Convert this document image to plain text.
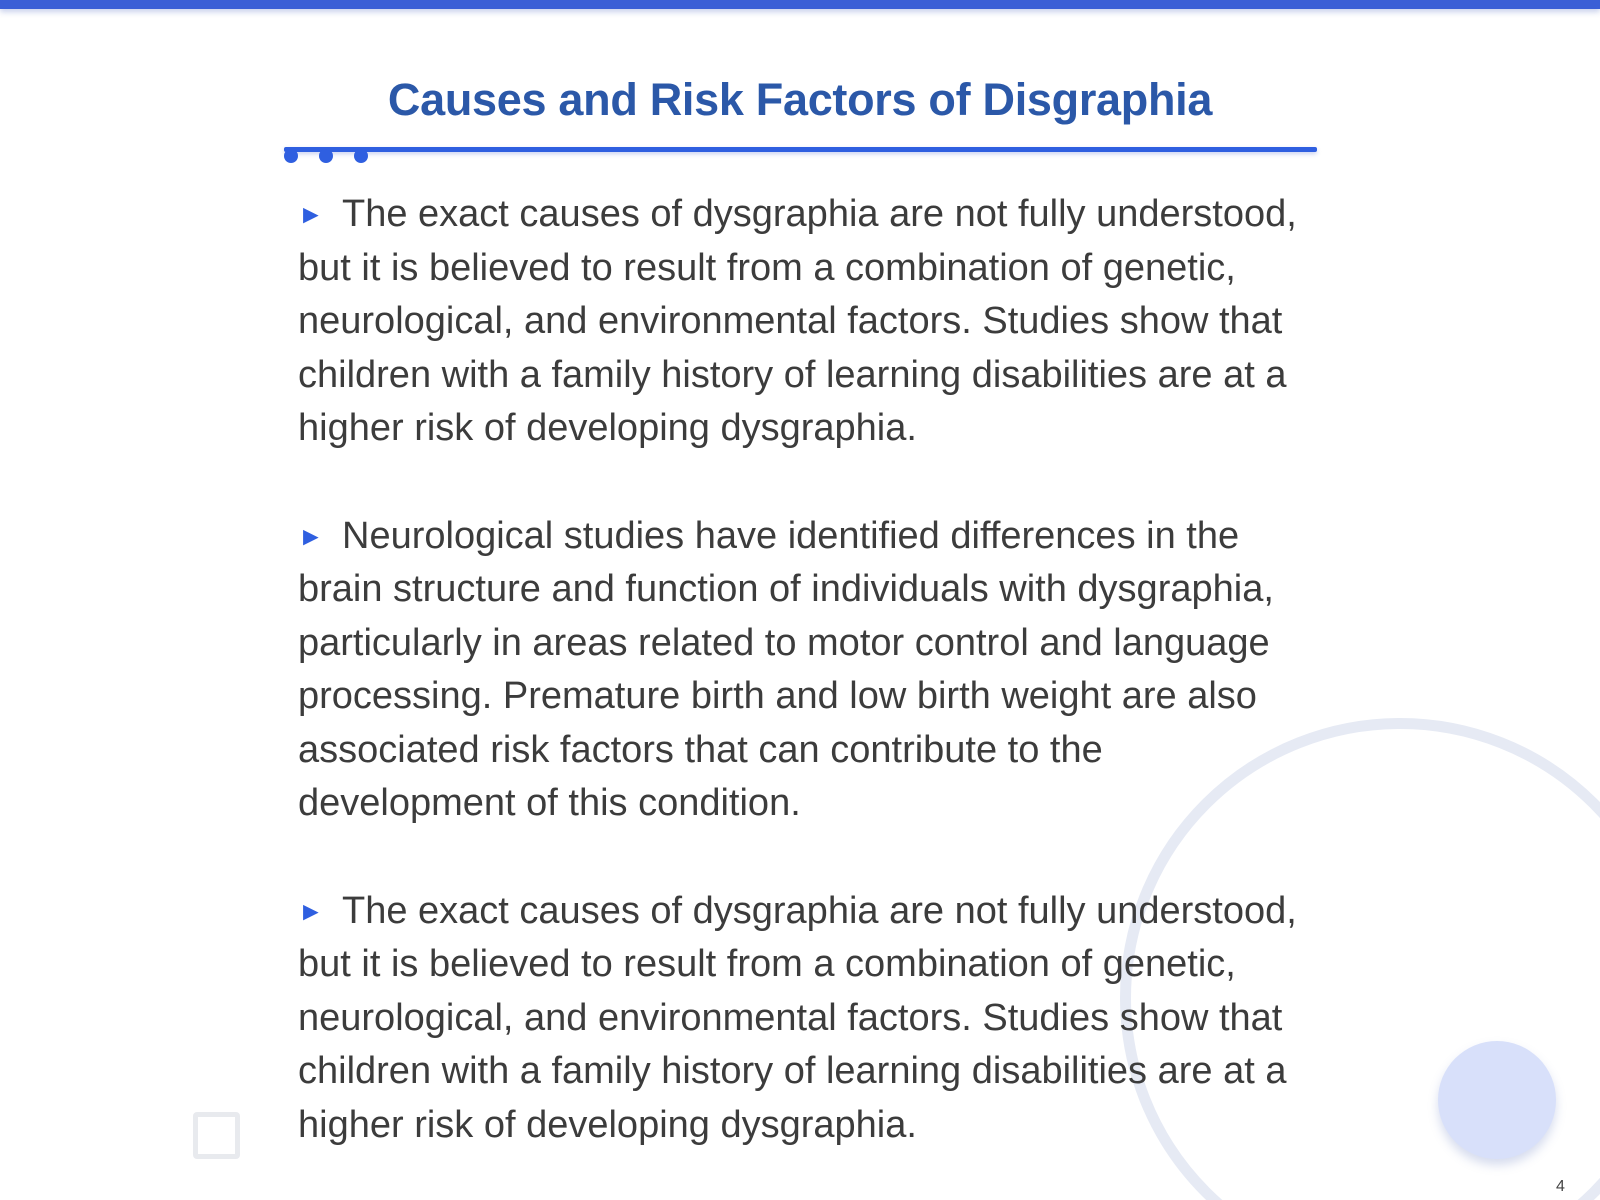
Causes and Risk Factors of Disgraphia

► The exact causes of dysgraphia are not fully understood, but it is believed to result from a combination of genetic, neurological, and environmental factors. Studies show that children with a family history of learning disabilities are at a higher risk of developing dysgraphia.

► Neurological studies have identified differences in the brain structure and function of individuals with dysgraphia, particularly in areas related to motor control and language processing. Premature birth and low birth weight are also associated risk factors that can contribute to the development of this condition.

► The exact causes of dysgraphia are not fully understood, but it is believed to result from a combination of genetic, neurological, and environmental factors. Studies show that children with a family history of learning disabilities are at a higher risk of developing dysgraphia.

4
